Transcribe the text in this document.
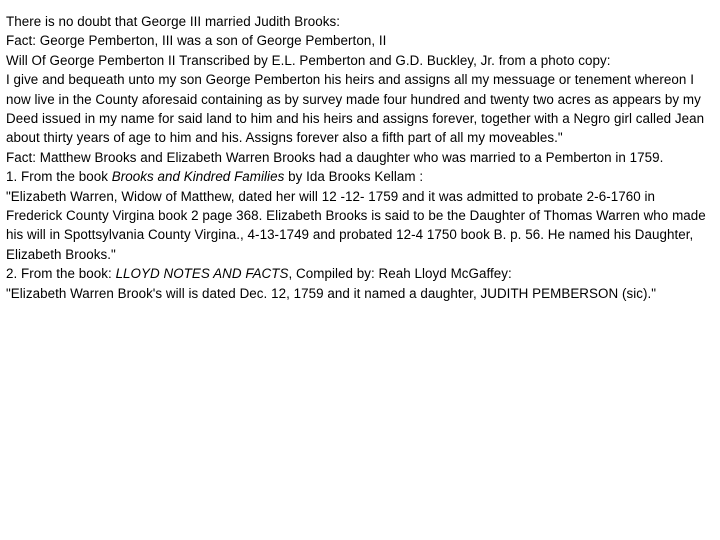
There is no doubt that George III married Judith Brooks:

Fact: George Pemberton, III was a son of George Pemberton, II

Will Of George Pemberton II Transcribed by E.L. Pemberton and G.D. Buckley, Jr. from a photo copy:

I give and bequeath unto my son George Pemberton his heirs and assigns all my messuage or tenement whereon I now live in the County aforesaid containing as by survey made four hundred and twenty two acres as appears by my Deed issued in my name for said land to him and his heirs and assigns forever, together with a Negro girl called Jean about thirty years of age to him and his. Assigns forever also a fifth part of all my moveables."

Fact: Matthew Brooks and Elizabeth Warren Brooks had a daughter who was married to a Pemberton in 1759.

1. From the book Brooks and Kindred Families by Ida Brooks Kellam :

"Elizabeth Warren, Widow of Matthew, dated her will 12 -12- 1759 and it was admitted to probate 2-6-1760 in Frederick County Virgina book 2 page 368. Elizabeth Brooks is said to be the Daughter of Thomas Warren who made his will in Spottsylvania County Virgina., 4-13-1749 and probated 12-4 1750 book B. p. 56. He named his Daughter, Elizabeth Brooks."

2. From the book: LLOYD NOTES AND FACTS, Compiled by: Reah Lloyd McGaffey:

"Elizabeth Warren Brook's will is dated Dec. 12, 1759 and it named a daughter, JUDITH PEMBERSON (sic)."
